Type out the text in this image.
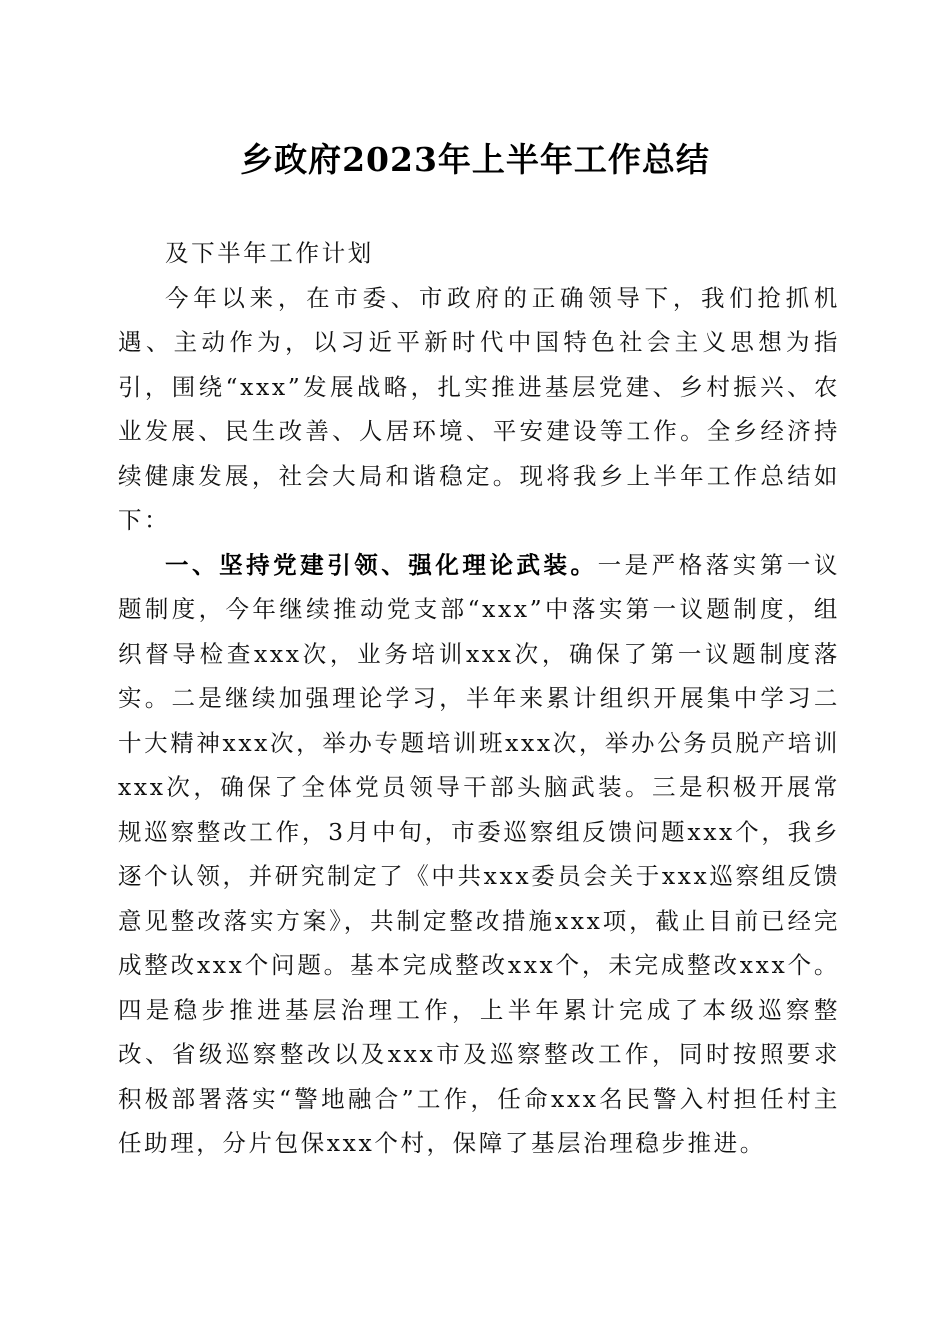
乡政府2023年上半年工作总结

及下半年工作计划

今年以来，在市委、市政府的正确领导下，我们抢抓机遇、主动作为，以习近平新时代中国特色社会主义思想为指引，围绕“xxx”发展战略，扎实推进基层党建、乡村振兴、农业发展、民生改善、人居环境、平安建设等工作。全乡经济持续健康发展，社会大局和谐稳定。现将我乡上半年工作总结如下：

一、坚持党建引领、强化理论武装。一是严格落实第一议题制度，今年继续推动党支部“xxx”中落实第一议题制度，组织督导检查xxx次，业务培训xxx次，确保了第一议题制度落实。二是继续加强理论学习，半年来累计组织开展集中学习二十大精神xxx次，举办专题培训班xxx次，举办公务员脱产培训xxx次，确保了全体党员领导干部头脑武装。三是积极开展常规巡察整改工作，3月中旬，市委巡察组反馈问题xxx个，我乡逐个认领，并研究制定了《中共xxx委员会关于xxx巡察组反馈意见整改落实方案》，共制定整改措施xxx项，截止目前已经完成整改xxx个问题。基本完成整改xxx个，未完成整改xxx个。四是稳步推进基层治理工作，上半年累计完成了本级巡察整改、省级巡察整改以及xxx市及巡察整改工作，同时按照要求积极部署落实“警地融合”工作，任命xxx名民警入村担任村主任助理，分片包保xxx个村，保障了基层治理稳步推进。
